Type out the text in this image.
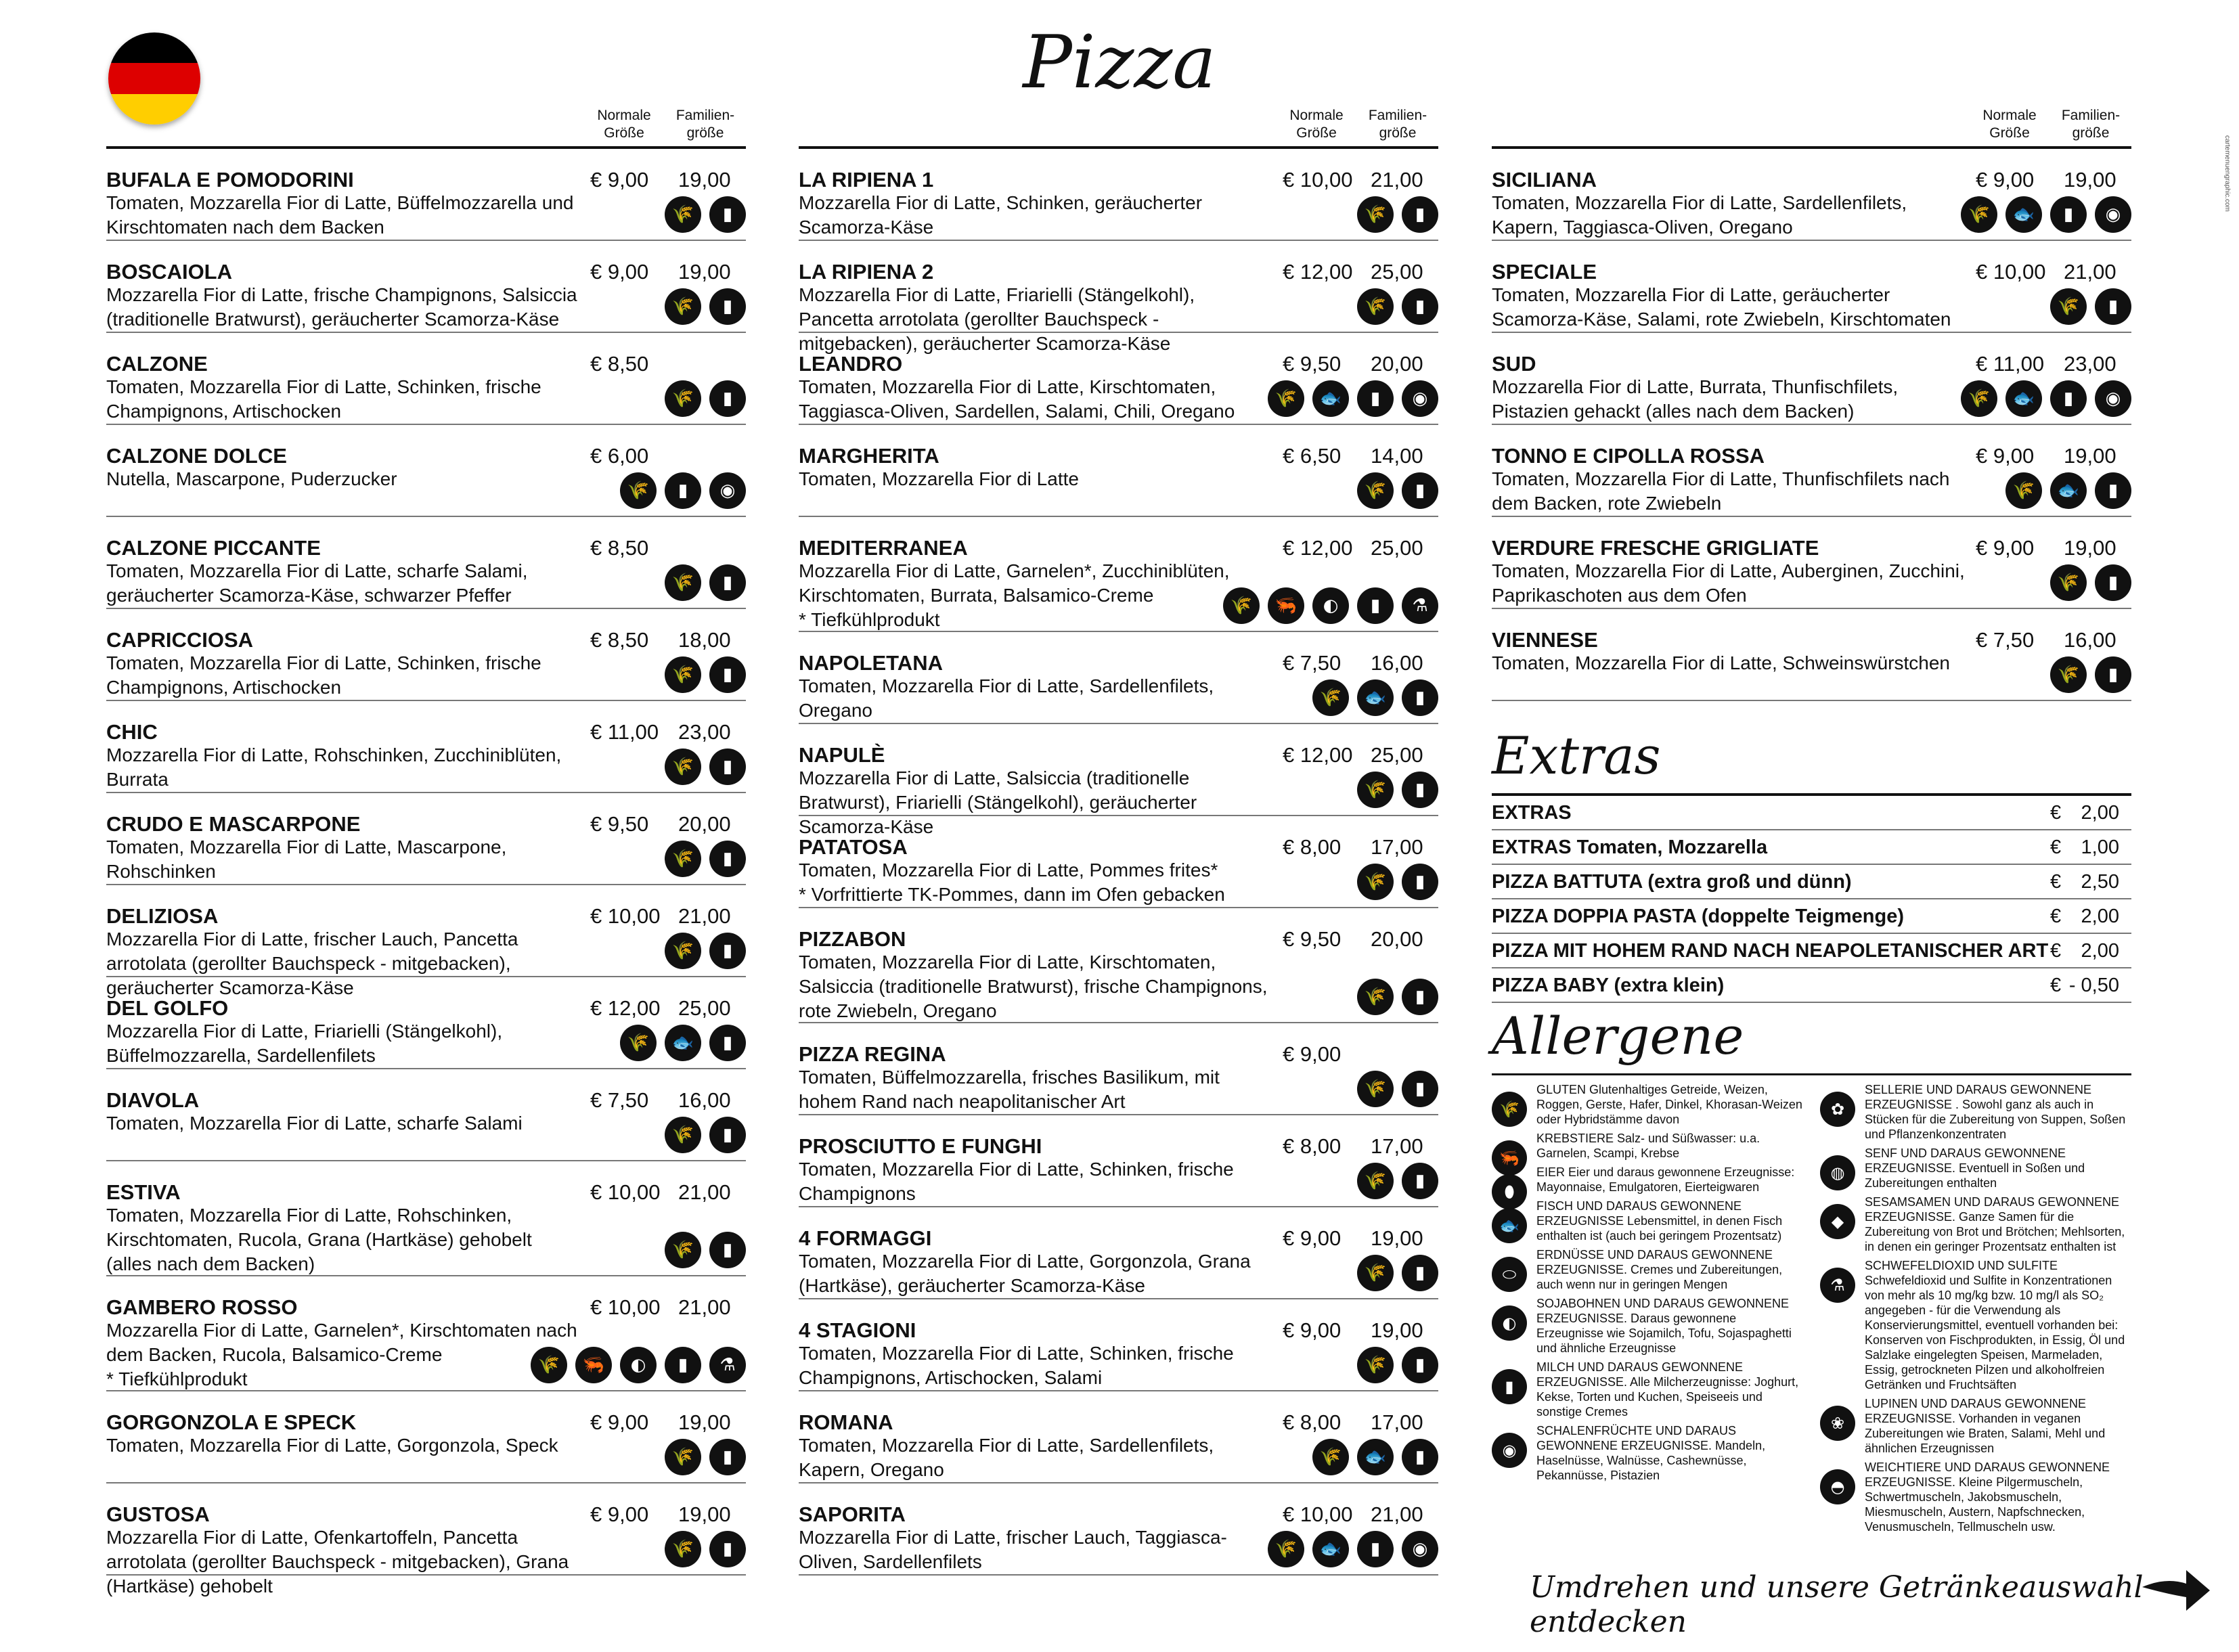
Pizza
cartemenuengraphic.com
Normale
Größe
Familien-
größe
BUFALA E POMODORINI
Tomaten, Mozzarella Fior di Latte, Büffelmozzarella und Kirschtomaten nach dem Backen
€ 9,00 19,00
🌾	▮
BOSCAIOLA
Mozzarella Fior di Latte, frische Champignons, Salsiccia (traditionelle Bratwurst), geräucherter Scamorza-Käse
€ 9,00 19,00
🌾	▮
CALZONE
Tomaten, Mozzarella Fior di Latte, Schinken, frische Champignons, Artischocken
€ 8,50
🌾	▮
CALZONE DOLCE
Nutella, Mascarpone, Puderzucker
€ 6,00
🌾	▮	◉
CALZONE PICCANTE
Tomaten, Mozzarella Fior di Latte, scharfe Salami, geräucherter Scamorza-Käse, schwarzer Pfeffer
€ 8,50
🌾	▮
CAPRICCIOSA
Tomaten, Mozzarella Fior di Latte, Schinken, frische Champignons, Artischocken
€ 8,50 18,00
🌾	▮
CHIC
Mozzarella Fior di Latte, Rohschinken, Zucchiniblüten, Burrata
€ 11,00 23,00
🌾	▮
CRUDO E MASCARPONE
Tomaten, Mozzarella Fior di Latte, Mascarpone, Rohschinken
€ 9,50 20,00
🌾	▮
DELIZIOSA
Mozzarella Fior di Latte, frischer Lauch, Pancetta arrotolata (gerollter Bauchspeck - mitgebacken), geräucherter Scamorza-Käse
€ 10,00 21,00
🌾	▮
DEL GOLFO
Mozzarella Fior di Latte, Friarielli (Stängelkohl), Büffelmozzarella, Sardellenfilets
€ 12,00 25,00
🌾	🐟	▮
DIAVOLA
Tomaten, Mozzarella Fior di Latte, scharfe Salami
€ 7,50 16,00
🌾	▮
ESTIVA
Tomaten, Mozzarella Fior di Latte, Rohschinken, Kirschtomaten, Rucola, Grana (Hartkäse) gehobelt (alles nach dem Backen)
€ 10,00 21,00
🌾	▮
GAMBERO ROSSO
Mozzarella Fior di Latte, Garnelen*, Kirschtomaten nach dem Backen, Rucola, Balsamico-Creme
* Tiefkühlprodukt
€ 10,00 21,00
🌾	🦐	◐	▮	⚗
GORGONZOLA E SPECK
Tomaten, Mozzarella Fior di Latte, Gorgonzola, Speck
€ 9,00 19,00
🌾	▮
GUSTOSA
Mozzarella Fior di Latte, Ofenkartoffeln, Pancetta arrotolata (gerollter Bauchspeck - mitgebacken), Grana (Hartkäse) gehobelt
€ 9,00 19,00
🌾	▮
Normale
Größe
Familien-
größe
LA RIPIENA 1
Mozzarella Fior di Latte, Schinken, geräucherter Scamorza-Käse
€ 10,00 21,00
🌾	▮
LA RIPIENA 2
Mozzarella Fior di Latte, Friarielli (Stängelkohl), Pancetta arrotolata (gerollter Bauchspeck - mitgebacken), geräucherter Scamorza-Käse
€ 12,00 25,00
🌾	▮
LEANDRO
Tomaten, Mozzarella Fior di Latte, Kirschtomaten, Taggiasca-Oliven, Sardellen, Salami, Chili, Oregano
€ 9,50 20,00
🌾	🐟	▮	◉
MARGHERITA
Tomaten, Mozzarella Fior di Latte
€ 6,50 14,00
🌾	▮
MEDITERRANEA
Mozzarella Fior di Latte, Garnelen*, Zucchiniblüten, Kirschtomaten, Burrata, Balsamico-Creme
* Tiefkühlprodukt
€ 12,00 25,00
🌾	🦐	◐	▮	⚗
NAPOLETANA
Tomaten, Mozzarella Fior di Latte, Sardellenfilets, Oregano
€ 7,50 16,00
🌾	🐟	▮
NAPULÈ
Mozzarella Fior di Latte, Salsiccia (traditionelle Bratwurst), Friarielli (Stängelkohl), geräucherter Scamorza-Käse
€ 12,00 25,00
🌾	▮
PATATOSA
Tomaten, Mozzarella Fior di Latte, Pommes frites*
* Vorfrittierte TK-Pommes, dann im Ofen gebacken
€ 8,00 17,00
🌾	▮
PIZZABON
Tomaten, Mozzarella Fior di Latte, Kirschtomaten, Salsiccia (traditionelle Bratwurst), frische Champignons, rote Zwiebeln, Oregano
€ 9,50 20,00
🌾	▮
PIZZA REGINA
Tomaten, Büffelmozzarella, frisches Basilikum, mit hohem Rand nach neapolitanischer Art
€ 9,00
🌾	▮
PROSCIUTTO E FUNGHI
Tomaten, Mozzarella Fior di Latte, Schinken, frische Champignons
€ 8,00 17,00
🌾	▮
4 FORMAGGI
Tomaten, Mozzarella Fior di Latte, Gorgonzola, Grana (Hartkäse), geräucherter Scamorza-Käse
€ 9,00 19,00
🌾	▮
4 STAGIONI
Tomaten, Mozzarella Fior di Latte, Schinken, frische Champignons, Artischocken, Salami
€ 9,00 19,00
🌾	▮
ROMANA
Tomaten, Mozzarella Fior di Latte, Sardellenfilets, Kapern, Oregano
€ 8,00 17,00
🌾	🐟	▮
SAPORITA
Mozzarella Fior di Latte, frischer Lauch, Taggiasca-Oliven, Sardellenfilets
€ 10,00 21,00
🌾	🐟	▮	◉
Normale
Größe
Familien-
größe
SICILIANA
Tomaten, Mozzarella Fior di Latte, Sardellenfilets, Kapern, Taggiasca-Oliven, Oregano
€ 9,00 19,00
🌾	🐟	▮	◉
SPECIALE
Tomaten, Mozzarella Fior di Latte, geräucherter Scamorza-Käse, Salami, rote Zwiebeln, Kirschtomaten
€ 10,00 21,00
🌾	▮
SUD
Mozzarella Fior di Latte, Burrata, Thunfischfilets, Pistazien gehackt (alles nach dem Backen)
€ 11,00 23,00
🌾	🐟	▮	◉
TONNO E CIPOLLA ROSSA
Tomaten, Mozzarella Fior di Latte, Thunfischfilets nach dem Backen, rote Zwiebeln
€ 9,00 19,00
🌾	🐟	▮
VERDURE FRESCHE GRIGLIATE
Tomaten, Mozzarella Fior di Latte, Auberginen, Zucchini, Paprikaschoten aus dem Ofen
€ 9,00 19,00
🌾	▮
VIENNESE
Tomaten, Mozzarella Fior di Latte, Schweinswürstchen
€ 7,50 16,00
🌾	▮
Extras
EXTRAS	€ 2,00
EXTRAS Tomaten, Mozzarella	€ 1,00
PIZZA BATTUTA (extra groß und dünn)	€ 2,50
PIZZA DOPPIA PASTA (doppelte Teigmenge)	€ 2,00
PIZZA MIT HOHEM RAND NACH NEAPOLETANISCHER ART € 2,00
PIZZA BABY (extra klein)	€ - 0,50
Allergene
🌾
GLUTEN Glutenhaltiges Getreide, Weizen, Roggen, Gerste, Hafer, Dinkel, Khorasan-Weizen oder Hybridstämme davon
🦐
KREBSTIERE Salz- und Süßwasser: u.a. Garnelen, Scampi, Krebse
⬮
EIER Eier und daraus gewonnene Erzeugnisse: Mayonnaise, Emulgatoren, Eierteigwaren
🐟
FISCH UND DARAUS GEWONNENE ERZEUGNISSE Lebensmittel, in denen Fisch enthalten ist (auch bei geringem Prozentsatz)
⬭
ERDNÜSSE UND DARAUS GEWONNENE ERZEUGNISSE. Cremes und Zubereitungen, auch wenn nur in geringen Mengen
◐
SOJABOHNEN UND DARAUS GEWONNENE ERZEUGNISSE. Daraus gewonnene Erzeugnisse wie Sojamilch, Tofu, Sojaspaghetti und ähnliche Erzeugnisse
▮
MILCH UND DARAUS GEWONNENE ERZEUGNISSE. Alle Milcherzeugnisse: Joghurt, Kekse, Torten und Kuchen, Speiseeis und sonstige Cremes
◉
SCHALENFRÜCHTE UND DARAUS GEWONNENE ERZEUGNISSE. Mandeln, Haselnüsse, Walnüsse, Cashewnüsse, Pekannüsse, Pistazien
✿
SELLERIE UND DARAUS GEWONNENE ERZEUGNISSE . Sowohl ganz als auch in Stücken für die Zubereitung von Suppen, Soßen und Pflanzenkonzentraten
◍
SENF UND DARAUS GEWONNENE ERZEUGNISSE. Eventuell in Soßen und Zubereitungen enthalten
◆
SESAMSAMEN UND DARAUS GEWONNENE ERZEUGNISSE. Ganze Samen für die Zubereitung von Brot und Brötchen; Mehlsorten, in denen ein geringer Prozentsatz enthalten ist
⚗
SCHWEFELDIOXID UND SULFITE Schwefeldioxid und Sulfite in Konzentrationen von mehr als 10 mg/kg bzw. 10 mg/l als SO₂ angegeben - für die Verwendung als Konservierungsmittel, eventuell vorhanden bei: Konserven von Fischprodukten, in Essig, Öl und Salzlake eingelegten Speisen, Marmeladen, Essig, getrockneten Pilzen und alkoholfreien Getränken und Fruchtsäften
❀
LUPINEN UND DARAUS GEWONNENE ERZEUGNISSE. Vorhanden in veganen Zubereitungen wie Braten, Salami, Mehl und ähnlichen Erzeugnissen
◓
WEICHTIERE UND DARAUS GEWONNENE ERZEUGNISSE. Kleine Pilgermuscheln, Schwertmuscheln, Jakobsmuscheln, Miesmuscheln, Austern, Napfschnecken, Venusmuscheln, Tellmuscheln usw.
Umdrehen und unsere Getränkeauswahl entdecken
